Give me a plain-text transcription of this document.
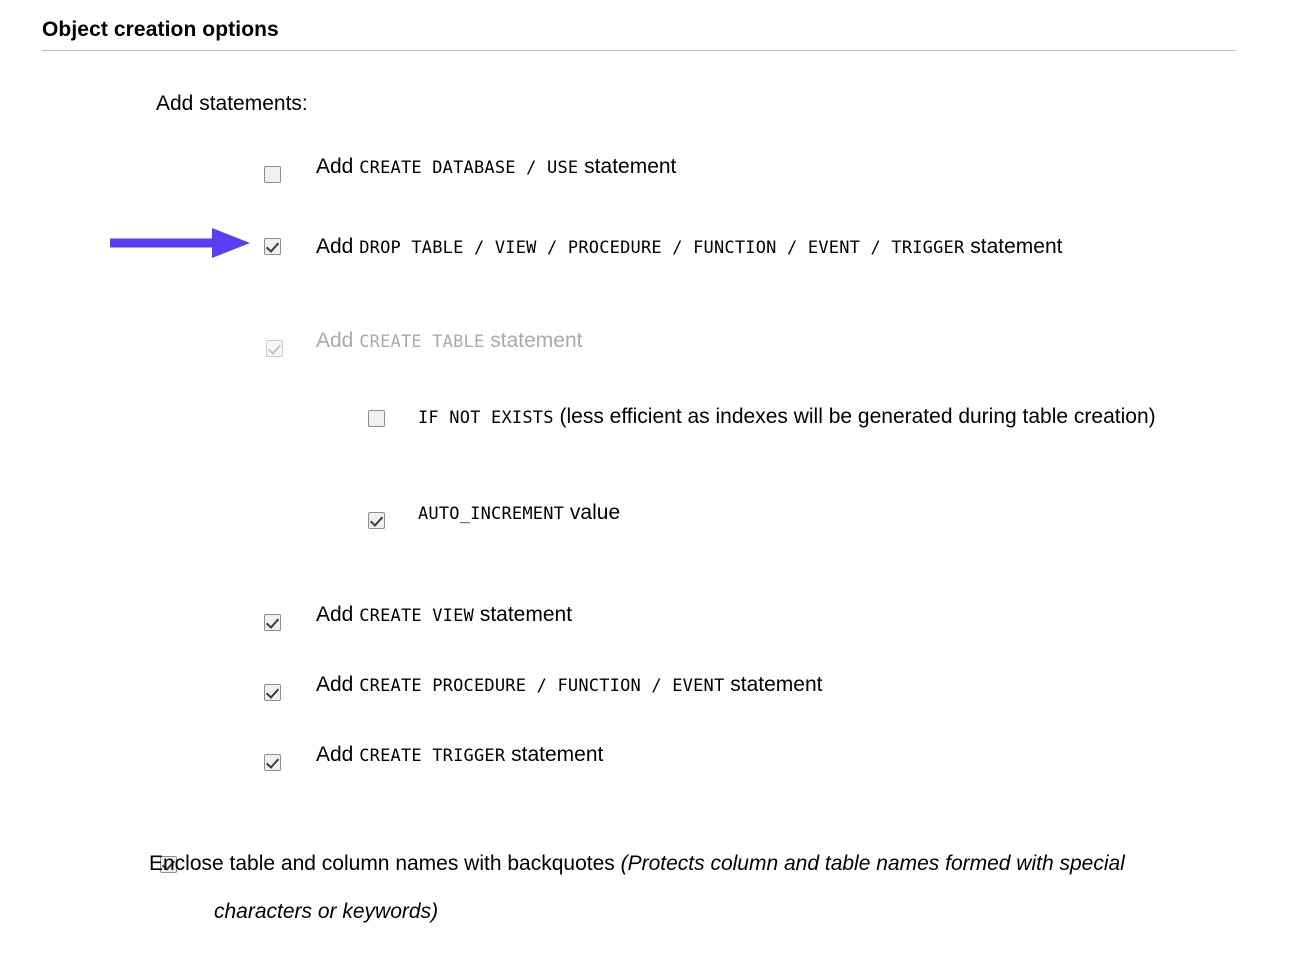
Object creation options
Add statements:
Add CREATE DATABASE / USE statement
Add DROP TABLE / VIEW / PROCEDURE / FUNCTION / EVENT / TRIGGER statement
Add CREATE TABLE statement
IF NOT EXISTS (less efficient as indexes will be generated during table creation)
AUTO_INCREMENT value
Add CREATE VIEW statement
Add CREATE PROCEDURE / FUNCTION / EVENT statement
Add CREATE TRIGGER statement
Enclose table and column names with backquotes (Protects column and table names formed with special characters or keywords)
